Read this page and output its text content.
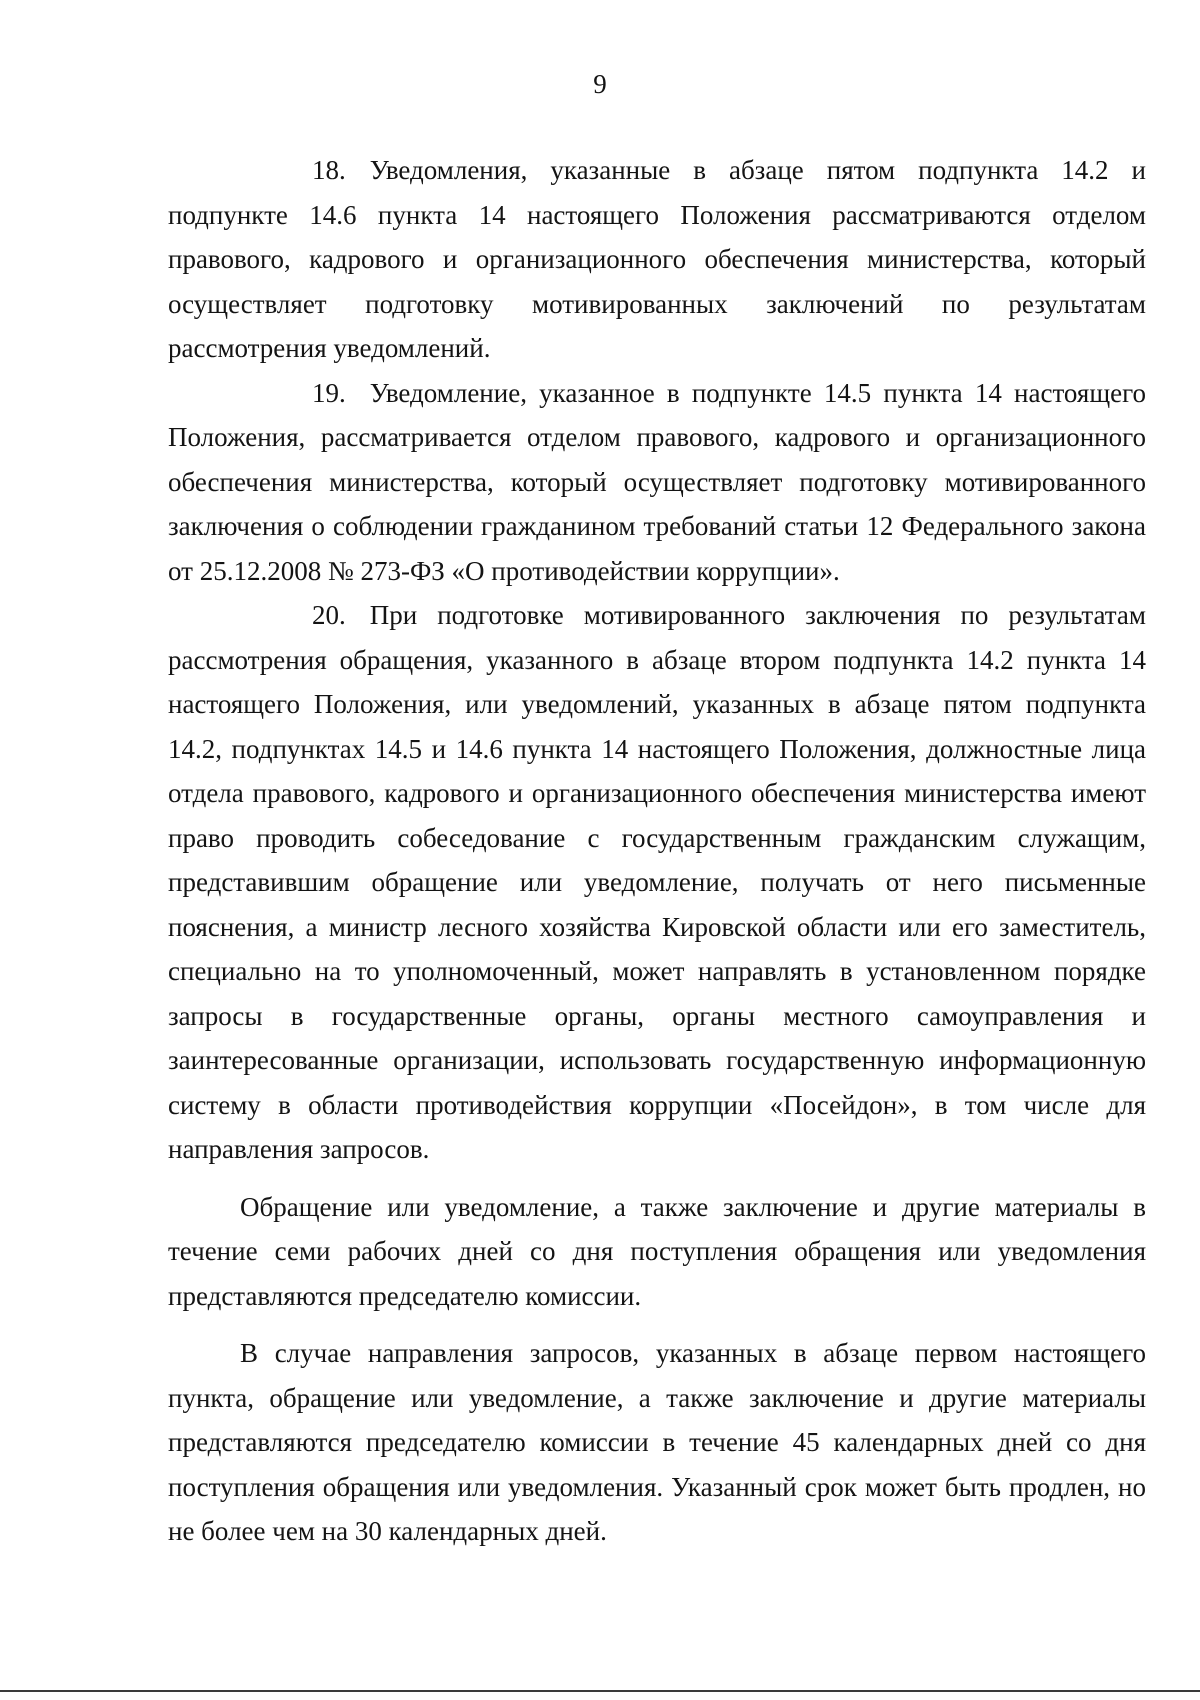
9

18. Уведомления, указанные в абзаце пятом подпункта 14.2 и подпункте 14.6 пункта 14 настоящего Положения рассматриваются отделом правового, кадрового и организационного обеспечения министерства, который осуществляет подготовку мотивированных заключений по результатам рассмотрения уведомлений.

19. Уведомление, указанное в подпункте 14.5 пункта 14 настоящего Положения, рассматривается отделом правового, кадрового и организационного обеспечения министерства, который осуществляет подготовку мотивированного заключения о соблюдении гражданином требований статьи 12 Федерального закона от 25.12.2008 № 273-ФЗ «О противодействии коррупции».

20. При подготовке мотивированного заключения по результатам рассмотрения обращения, указанного в абзаце втором подпункта 14.2 пункта 14 настоящего Положения, или уведомлений, указанных в абзаце пятом подпункта 14.2, подпунктах 14.5 и 14.6 пункта 14 настоящего Положения, должностные лица отдела правового, кадрового и организационного обеспечения министерства имеют право проводить собеседование с государственным гражданским служащим, представившим обращение или уведомление, получать от него письменные пояснения, а министр лесного хозяйства Кировской области или его заместитель, специально на то уполномоченный, может направлять в установленном порядке запросы в государственные органы, органы местного самоуправления и заинтересованные организации, использовать государственную информационную систему в области противодействия коррупции «Посейдон», в том числе для направления запросов.

Обращение или уведомление, а также заключение и другие материалы в течение семи рабочих дней со дня поступления обращения или уведомления представляются председателю комиссии.

В случае направления запросов, указанных в абзаце первом настоящего пункта, обращение или уведомление, а также заключение и другие материалы представляются председателю комиссии в течение 45 календарных дней со дня поступления обращения или уведомления. Указанный срок может быть продлен, но не более чем на 30 календарных дней.
